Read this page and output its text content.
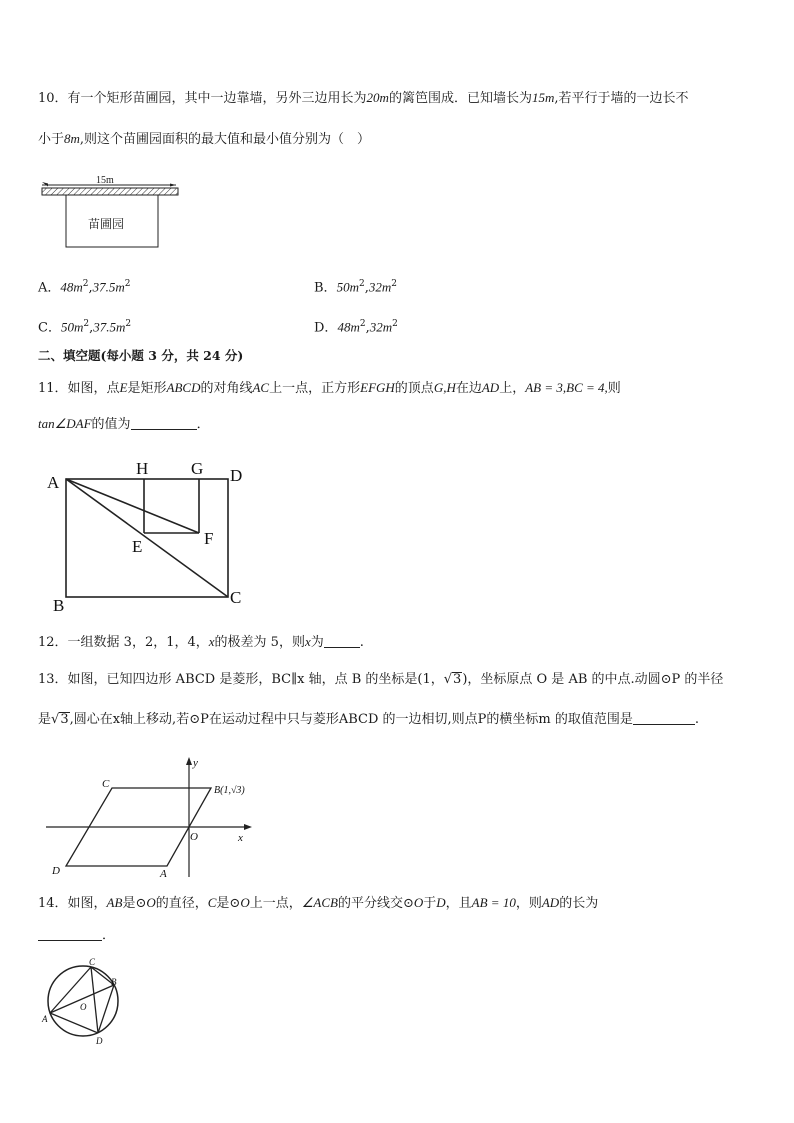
10．有一个矩形苗圃园，其中一边靠墙，另外三边用长为20m的篱笆围成．已知墙长为15m,若平行于墙的一边长不
小于8m,则这个苗圃园面积的最大值和最小值分别为（　）
15m
苗圃园
A．$48m^2,37.5m^2$	B．$50m^2,32m^2$
C．$50m^2,37.5m^2$	D．$48m^2,32m^2$
二、填空题(每小题 3 分，共 24 分)
11．如图，点E是矩形ABCD的对角线AC上一点，正方形EFGH的顶点G,H在边AD上，AB = 3,BC = 4,则
tan∠DAF的值为	．
A
H	G D
E	F
B	C
12．一组数据 3，2，1，4，x的极差为 5，则x为	.
13．如图，已知四边形 ABCD 是菱形，BC∥x 轴，点 B 的坐标是(1，√3)，坐标原点 O 是 AB 的中点.动圆⊙P 的半径
是√3,圆心在x轴上移动,若⊙P在运动过程中只与菱形ABCD 的一边相切,则点P的横坐标m 的取值范围是	.
y
x
C
B(1,√3)
O
D	A
14．如图，AB是⊙O的直径，C是⊙O上一点，∠ACB的平分线交⊙O于D，且AB = 10，则AD的长为
．
C
B
A
O
D
